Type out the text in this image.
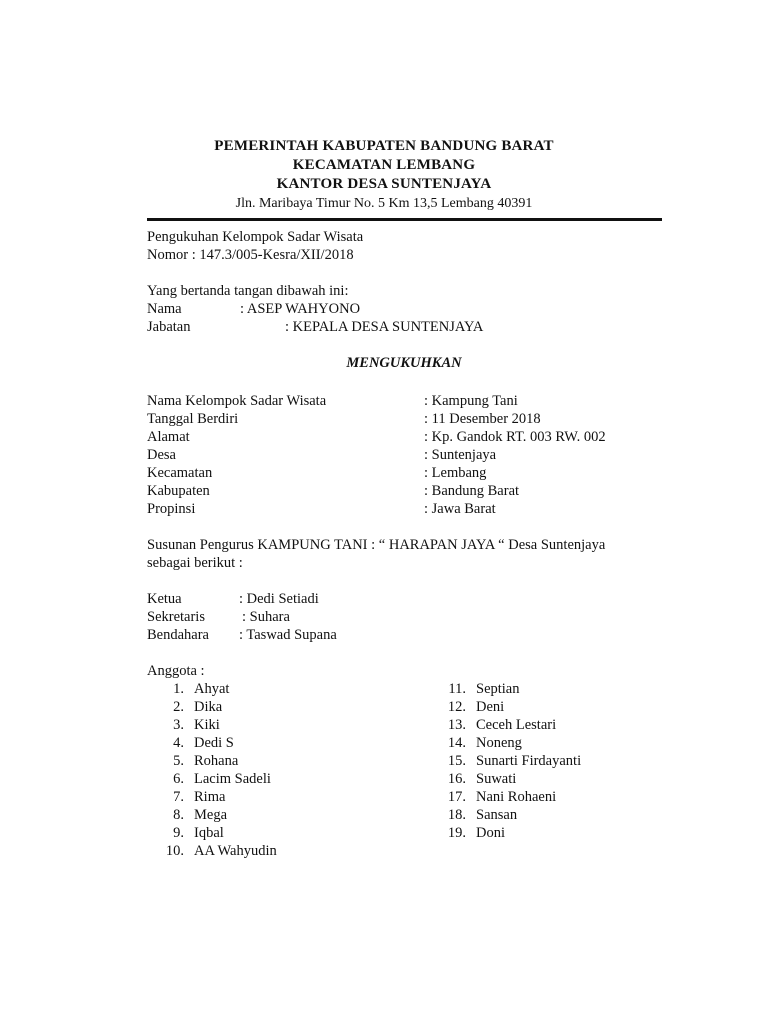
PEMERINTAH KABUPATEN BANDUNG BARAT
KECAMATAN LEMBANG
KANTOR DESA SUNTENJAYA
Jln. Maribaya Timur No. 5 Km 13,5 Lembang 40391
Pengukuhan Kelompok Sadar Wisata
Nomor : 147.3/005-Kesra/XII/2018
Yang bertanda tangan dibawah ini:
Nama	: ASEP WAHYONO
Jabatan	: KEPALA DESA SUNTENJAYA
MENGUKUHKAN
Nama Kelompok Sadar Wisata	: Kampung Tani
Tanggal Berdiri	: 11 Desember 2018
Alamat	: Kp. Gandok RT. 003 RW. 002
Desa	: Suntenjaya
Kecamatan	: Lembang
Kabupaten	: Bandung Barat
Propinsi	: Jawa Barat
Susunan Pengurus KAMPUNG TANI : “ HARAPAN JAYA “ Desa Suntenjaya
sebagai berikut :
Ketua	: Dedi Setiadi
Sekretaris	: Suhara
Bendahara : Taswad Supana
Anggota :
1. Ahyat
2. Dika
3. Kiki
4. Dedi S
5. Rohana
6. Lacim Sadeli
7. Rima
8. Mega
9. Iqbal
10. AA Wahyudin
11. Septian
12. Deni
13. Ceceh Lestari
14. Noneng
15. Sunarti Firdayanti
16. Suwati
17. Nani Rohaeni
18. Sansan
19. Doni
